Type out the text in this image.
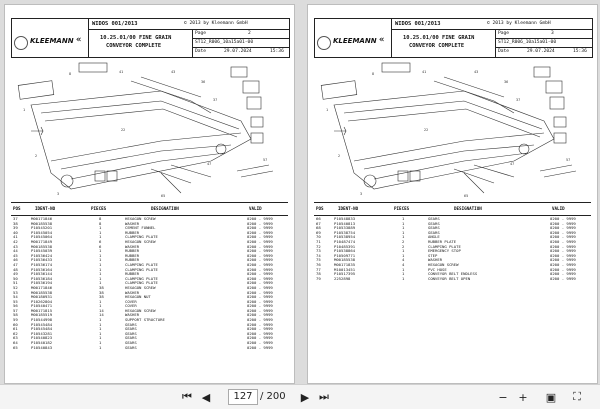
KLEEMANN «
WIDOS 001/2013	© 2013 by Kleemann GmbH
10.25.01/00 FINE GRAIN
CONVEYOR COMPLETE
Page	2
ST12_R006_10a15a01-00
Date	29.07.2024	15:36
8	41	43
36
37
1
2
3	65
47
57
22
POS	IDENT-NO	PIECES	DESIGNATION	VALID
37	M00171846	8	HEXAGON SCREW	0200 - 9999
38	M00185538	8	WASHER	0200 - 9999
39	P10545201	1	CEMENT FUNNEL	0200 - 9999
40	P10545054	1	RUBBER	0200 - 9999
41	P10545064	1	CLAMPING PLATE	0200 - 9999
42	M00171849	6	HEXAGON SCREW	0200 - 9999
43	M00185538	6	WASHER	0200 - 9999
44	P10545039	1	RUBBER	0200 - 9999
45	P10536424	1	RUBBER	0200 - 9999
46	P10536433	1	RUBBER	0200 - 9999
47	P10536174	1	CLAMPING PLATE	0200 - 9999
48	P10536164	1	CLAMPING PLATE	0200 - 9999
49	P10536144	1	RUBBER	0200 - 9999
50	P10536184	1	CLAMPING PLATE	0200 - 9999
51	P10536194	1	CLAMPING PLATE	0200 - 9999
52	M00171846	38	HEXAGON SCREW	0200 - 9999
53	M00185538	38	WASHER	0200 - 9999
54	M00180931	38	HEXAGON NUT	0200 - 9999
55	P10262804	1	COVER	0200 - 9999
56	P10540471	1	COVER	0200 - 9999
57	M00171815	14	HEXAGON SCREW	0200 - 9999
58	M00185519	14	WASHER	0200 - 9999
59	P10544998	1	SUPPORT STRUCTURE	0200 - 9999
60	P10545484	1	GEARS	0200 - 9999
61	P10545484	1	GEARS	0200 - 9999
62	P10543281	1	GEARS	0200 - 9999
63	P10540823	1	GEARS	0200 - 9999
64	P10540182	1	GEARS	0200 - 9999
65	P10540843	1	GEARS	0200 - 9999
KLEEMANN «
WIDOS 001/2013	© 2013 by Kleemann GmbH
10.25.01/00 FINE GRAIN
CONVEYOR COMPLETE
Page	3
ST12_R006_10a15a01-00
Date	29.07.2024	15:36
8	41	43
36
37
1
2
3	65
47
57
22
POS	IDENT-NO	PIECES	DESIGNATION	VALID
66	P10548833	1	GEARS	0200 - 9999
67	P10540813	1	GEARS	0200 - 9999
68	P10533889	1	GEARS	0200 - 9999
69	P10538754	1	GEARS	0200 - 9999
70	P10538954	1	ANGLE	0200 - 9999
71	P10487474	2	RUBBER PLATE	0200 - 9999
72	P10485391	2	CLAMPING PLATE	0200 - 9999
73	P10538864	1	EMERGENCY STOP	0200 - 9999
74	P10509771	1	STEP	0200 - 9999
75	M00185538	4	WASHER	0200 - 9999
76	M00171835	4	HEXAGON SCREW	0200 - 9999
77	M10013451	1	PVC HOSE	0200 - 9999
78	P10517395	1	CONVEYOR BELT ENDLESS	0200 - 9999
79	2252898	1	CONVEYOR BELT OPEN	0200 - 9999
⏮ ◀	127 / 200 ▶ ⏭	− + ▣ ⛶
